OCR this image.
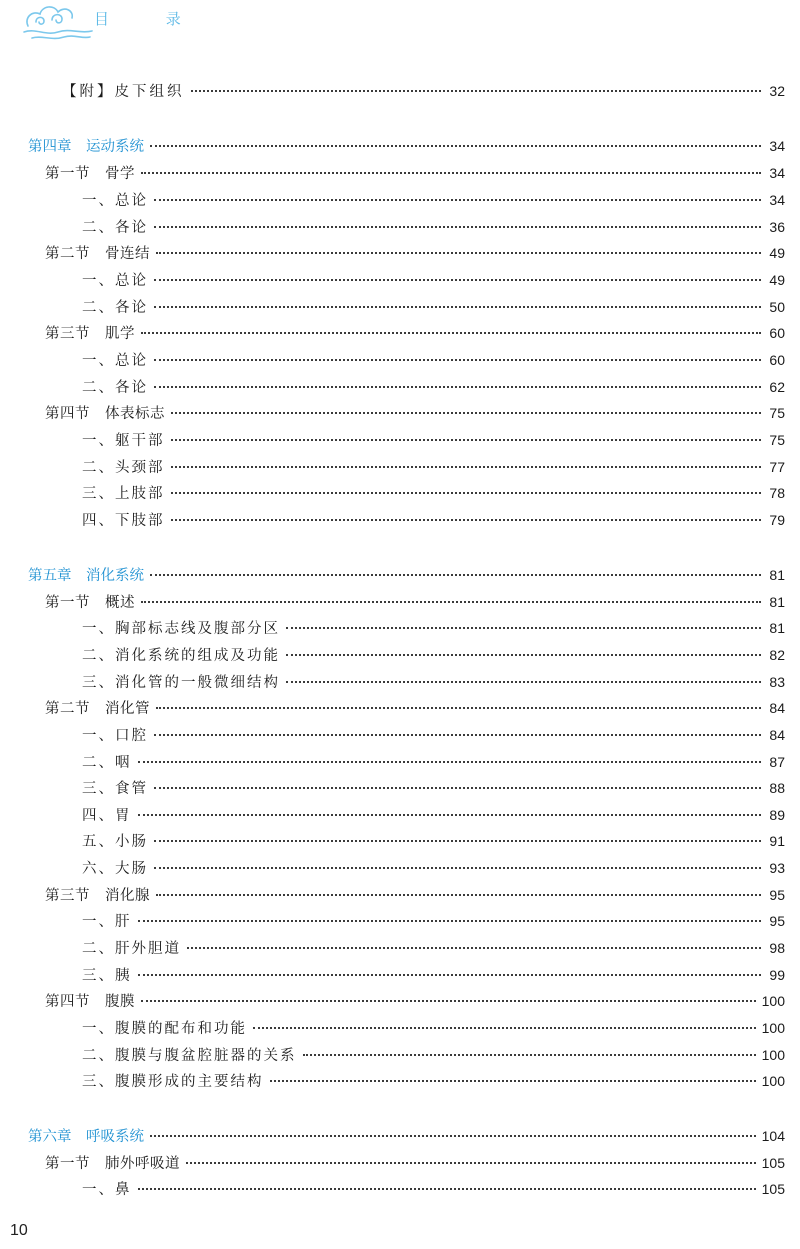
目 录
【附】皮下组织	32
第四章　运动系统	34
第一节　骨学	34
一、总论	34
二、各论	36
第二节　骨连结	49
一、总论	49
二、各论	50
第三节　肌学	60
一、总论	60
二、各论	62
第四节　体表标志	75
一、躯干部	75
二、头颈部	77
三、上肢部	78
四、下肢部	79
第五章　消化系统	81
第一节　概述	81
一、胸部标志线及腹部分区	81
二、消化系统的组成及功能	82
三、消化管的一般微细结构	83
第二节　消化管	84
一、口腔	84
二、咽	87
三、食管	88
四、胃	89
五、小肠	91
六、大肠	93
第三节　消化腺	95
一、肝	95
二、肝外胆道	98
三、胰	99
第四节　腹膜	100
一、腹膜的配布和功能	100
二、腹膜与腹盆腔脏器的关系	100
三、腹膜形成的主要结构	100
第六章　呼吸系统	104
第一节　肺外呼吸道	105
一、鼻	105
10
